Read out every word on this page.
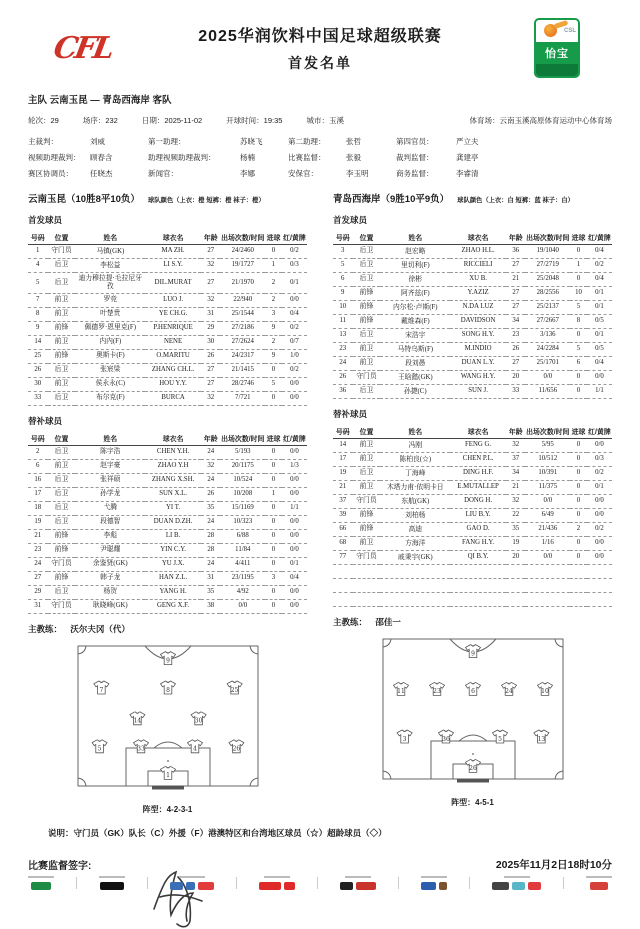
CFL	2025华润饮料中国足球超级联赛
首发名单
CSL
怡宝
主队 云南玉昆 — 青岛西海岸 客队
轮次：29	场序：232	日期：2025-11-02	开球时间：19:35	城市：玉溪	体育场：云南玉溪高原体育运动中心体育场
主裁判：	刘威	第一助理：	苏晓飞	第二助理：	张哲	第四官员：	严立夫
视频助理裁判：	顾春含	助理视频助理裁判：	杨楠	比赛监督：	张毅	裁判监督：	龚建亭
赛区协调员：	任晓杰	新闻官：	李娜	安保官：	李玉明	商务监督：	李睿清
云南玉昆（10胜8平10负） 球队颜色（上衣：橙 短裤：橙 袜子：橙）
首发球员
号码	位置	姓名	球衣名	年龄	出场次数/时间	进球	红/黄牌
1	守门员	马镇(GK)	MA ZH.	27	24/2460	0	0/2
4	后卫	李松益	LI S.Y.	32	19/1727	1	0/3
5	后卫	迪力穆拉提·毛拉尼牙孜	DIL.MURAT	27	21/1970	2	0/1
7	前卫	罗竞	LUO J.	32	22/940	2	0/0
8	前卫	叶楚贵	YE CH.G.	31	25/1544	3	0/4
9	前锋	佩德罗·恩里克(F)	P.HENRIQUE	29	27/2186	9	0/2
14	前卫	内内(F)	NENE	30	27/2624	2	0/7
25	前锋	奥斯卡(F)	O.MARITU	26	24/2317	9	1/0
26	后卫	张宸梁	ZHANG CH.L.	27	21/1415	0	0/2
30	前卫	侯永永(C)	HOU Y.Y.	27	28/2746	5	0/0
33	后卫	布尔克(F)	BURCA	32	7/721	0	0/0
替补球员
号码	位置	姓名	球衣名	年龄	出场次数/时间	进球	红/黄牌
2	后卫	陈宇浩	CHEN Y.H.	24	5/193	0	0/0
6	前卫	赵宇豪	ZHAO Y.H	32	20/1175	0	1/3
16	后卫	张祥硕	ZHANG X.SH.	24	10/524	0	0/0
17	后卫	孙学龙	SUN X.L.	26	10/208	1	0/0
18	后卫	弋腾	YI T.	35	15/1169	0	1/1
19	后卫	段德智	DUAN D.ZH.	24	10/323	0	0/0
21	前锋	李彪	LI B.	28	6/88	0	0/0
23	前锋	尹聪耀	YIN C.Y.	28	11/84	0	0/0
24	守门员	余鉴贤(GK)	YU J.X.	24	4/411	0	0/1
27	前锋	韩子龙	HAN Z.L.	31	23/1195	3	0/4
29	后卫	杨贺	YANG H.	35	4/92	0	0/0
31	守门员	耿晓峰(GK)	GENG X.F.	38	0/0	0	0/0
主教练： 沃尔夫冈（代）
9
7	8	25
14	30
5	33	4	26
1
阵型：4-2-3-1
青岛西海岸（9胜10平9负） 球队颜色（上衣：白 短裤：蓝 袜子：白）
首发球员
号码	位置	姓名	球衣名	年龄	出场次数/时间	进球	红/黄牌
3	后卫	赵宏略	ZHAO H.L.	36	19/1040	0	0/4
5	后卫	里切利(F)	RICCIELI	27	27/2719	1	0/2
6	后卫	徐彬	XU B.	21	25/2048	0	0/4
9	前锋	阿齐兹(F)	Y.AZIZ	27	28/2556	10	0/1
10	前锋	内尔松·卢斯(F)	N.DA LUZ	27	25/2137	5	0/1
11	前锋	戴维森(F)	DAVIDSON	34	27/2667	8	0/5
13	后卫	宋浩宇	SONG H.Y.	23	3/136	0	0/1
23	前卫	马特乌斯(F)	M.INDIO	26	24/2284	5	0/5
24	前卫	段刘愚	DUAN L.Y.	27	25/1701	6	0/4
26	守门员	王晗懿(GK)	WANG H.Y.	20	0/0	0	0/0
36	后卫	孙捷(C)	SUN J.	33	11/656	0	1/1
替补球员
号码	位置	姓名	球衣名	年龄	出场次数/时间	进球	红/黄牌
14	前卫	冯刚	FENG G.	32	5/95	0	0/0
17	前卫	陈柏良(☆)	CHEN P.L.	37	10/512	0	0/3
19	后卫	丁海峰	DING H.F.	34	10/391	0	0/2
21	前卫	木塔力甫·依明卡日	E.MUTALLEP	21	11/375	0	0/1
37	守门员	东航(GK)	DONG H.	32	0/0	0	0/0
39	前锋	刘柏杨	LIU B.Y.	22	6/49	0	0/0
66	前锋	高迪	GAO D.	35	21/436	2	0/2
68	前卫	方海洋	FANG H.Y.	19	1/16	0	0/0
77	守门员	戚秉宇(GK)	QI B.Y.	20	0/0	0	0/0

主教练： 邵佳一
9
11	23	6	24	10
3	36	5	13
26
阵型：4-5-1
说明：守门员（GK）队长（C）外援（F）港澳特区和台湾地区球员（☆）超龄球员（◇）
比赛监督签字:	2025年11月2日18时10分
